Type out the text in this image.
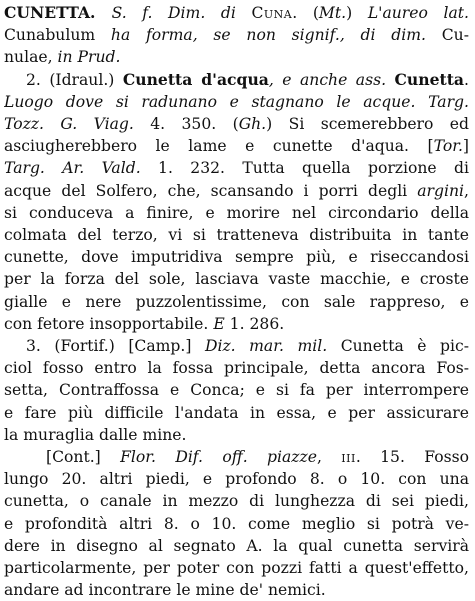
CUNETTA. S. f. Dim. di Cuna. (Mt.) L'aureo lat.
Cunabulum ha forma, se non signif., di dim. Cu-
nulae, in Prud.
2. (Idraul.) Cunetta d'acqua, e anche ass. Cunetta.
Luogo dove si radunano e stagnano le acque. Targ.
Tozz. G. Viag. 4. 350. (Gh.) Si scemerebbero ed
asciugherebbero le lame e cunette d'aqua. [Tor.]
Targ. Ar. Vald. 1. 232. Tutta quella porzione di
acque del Solfero, che, scansando i porri degli argini,
si conduceva a finire, e morire nel circondario della
colmata del terzo, vi si tratteneva distribuita in tante
cunette, dove imputridiva sempre più, e riseccandosi
per la forza del sole, lasciava vaste macchie, e croste
gialle e nere puzzolentissime, con sale rappreso, e
con fetore insopportabile. E 1. 286.
3. (Fortif.) [Camp.] Diz. mar. mil. Cunetta è pic-
ciol fosso entro la fossa principale, detta ancora Fos-
setta, Contraffossa e Conca; e si fa per interrompere
e fare più difficile l'andata in essa, e per assicurare
la muraglia dalle mine.
[Cont.] Flor. Dif. off. piazze, iii. 15. Fosso
lungo 20. altri piedi, e profondo 8. o 10. con una
cunetta, o canale in mezzo di lunghezza di sei piedi,
e profondità altri 8. o 10. come meglio si potrà ve-
dere in disegno al segnato A. la qual cunetta servirà
particolarmente, per poter con pozzi fatti a quest'effetto,
andare ad incontrare le mine de' nemici.
